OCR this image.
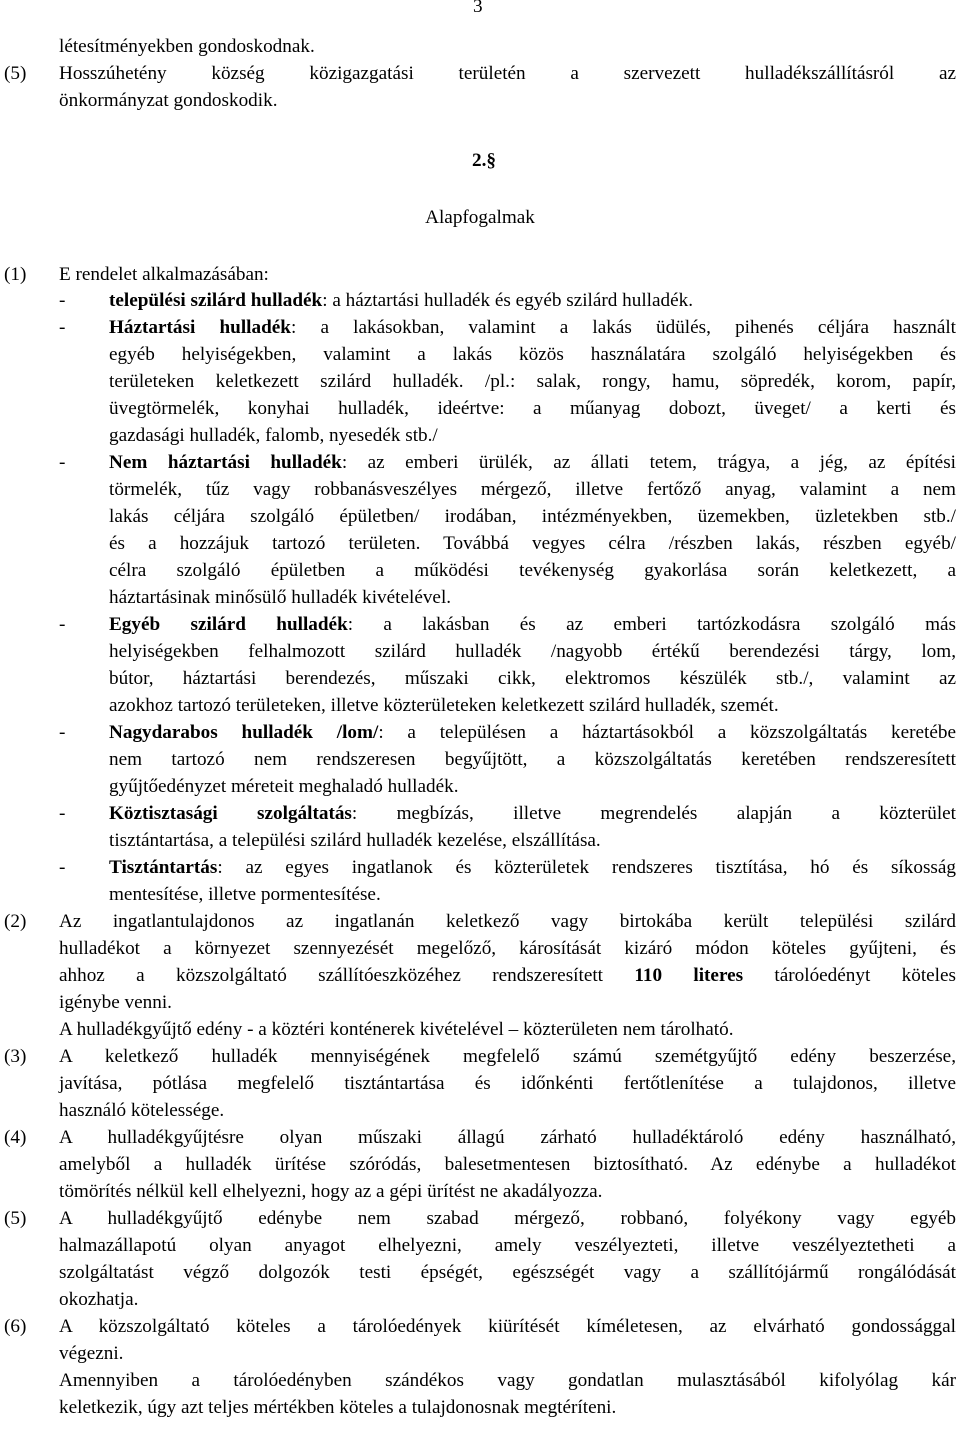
3
létesítményekben gondoskodnak.
(5) Hosszúhetény község közigazgatási területén a szervezett hulladékszállításról az
önkormányzat gondoskodik.
2.§
Alapfogalmak
(1) E rendelet alkalmazásában:
- települési szilárd hulladék: a háztartási hulladék és egyéb szilárd hulladék.
- Háztartási hulladék: a lakásokban, valamint a lakás üdülés, pihenés céljára használt
egyéb helyiségekben, valamint a lakás közös használatára szolgáló helyiségekben és
területeken keletkezett szilárd hulladék. /pl.: salak, rongy, hamu, söpredék, korom, papír,
üvegtörmelék, konyhai hulladék, ideértve: a műanyag dobozt, üveget/ a kerti és
gazdasági hulladék, falomb, nyesedék stb./
- Nem háztartási hulladék: az emberi ürülék, az állati tetem, trágya, a jég, az építési
törmelék, tűz vagy robbanásveszélyes mérgező, illetve fertőző anyag, valamint a nem
lakás céljára szolgáló épületben/ irodában, intézményekben, üzemekben, üzletekben stb./
és a hozzájuk tartozó területen. Továbbá vegyes célra /részben lakás, részben egyéb/
célra szolgáló épületben a működési tevékenység gyakorlása során keletkezett, a
háztartásinak minősülő hulladék kivételével.
- Egyéb szilárd hulladék: a lakásban és az emberi tartózkodásra szolgáló más
helyiségekben felhalmozott szilárd hulladék /nagyobb értékű berendezési tárgy, lom,
bútor, háztartási berendezés, műszaki cikk, elektromos készülék stb./, valamint az
azokhoz tartozó területeken, illetve közterületeken keletkezett szilárd hulladék, szemét.
- Nagydarabos hulladék /lom/: a településen a háztartásokból a közszolgáltatás keretébe
nem tartozó nem rendszeresen begyűjtött, a közszolgáltatás keretében rendszeresített
gyűjtőedényzet méreteit meghaladó hulladék.
- Köztisztasági szolgáltatás: megbízás, illetve megrendelés alapján a közterület
tisztántartása, a települési szilárd hulladék kezelése, elszállítása.
- Tisztántartás: az egyes ingatlanok és közterületek rendszeres tisztítása, hó és síkosság
mentesítése, illetve pormentesítése.
(2) Az ingatlantulajdonos az ingatlanán keletkező vagy birtokába került települési szilárd
hulladékot a környezet szennyezését megelőző, károsítását kizáró módon köteles gyűjteni, és
ahhoz a közszolgáltató szállítóeszközéhez rendszeresített 110 literes tárolóedényt köteles
igénybe venni.
A hulladékgyűjtő edény - a köztéri konténerek kivételével – közterületen nem tárolható.
(3) A keletkező hulladék mennyiségének megfelelő számú szemétgyűjtő edény beszerzése,
javítása, pótlása megfelelő tisztántartása és időnkénti fertőtlenítése a tulajdonos, illetve
használó kötelessége.
(4) A hulladékgyűjtésre olyan műszaki állagú zárható hulladéktároló edény használható,
amelyből a hulladék ürítése szóródás, balesetmentesen biztosítható. Az edénybe a hulladékot
tömörítés nélkül kell elhelyezni, hogy az a gépi ürítést ne akadályozza.
(5) A hulladékgyűjtő edénybe nem szabad mérgező, robbanó, folyékony vagy egyéb
halmazállapotú olyan anyagot elhelyezni, amely veszélyezteti, illetve veszélyeztetheti a
szolgáltatást végző dolgozók testi épségét, egészségét vagy a szállítójármű rongálódását
okozhatja.
(6) A közszolgáltató köteles a tárolóedények kiürítését kíméletesen, az elvárható gondossággal
végezni.
Amennyiben a tárolóedényben szándékos vagy gondatlan mulasztásából kifolyólag kár
keletkezik, úgy azt teljes mértékben köteles a tulajdonosnak megtéríteni.
